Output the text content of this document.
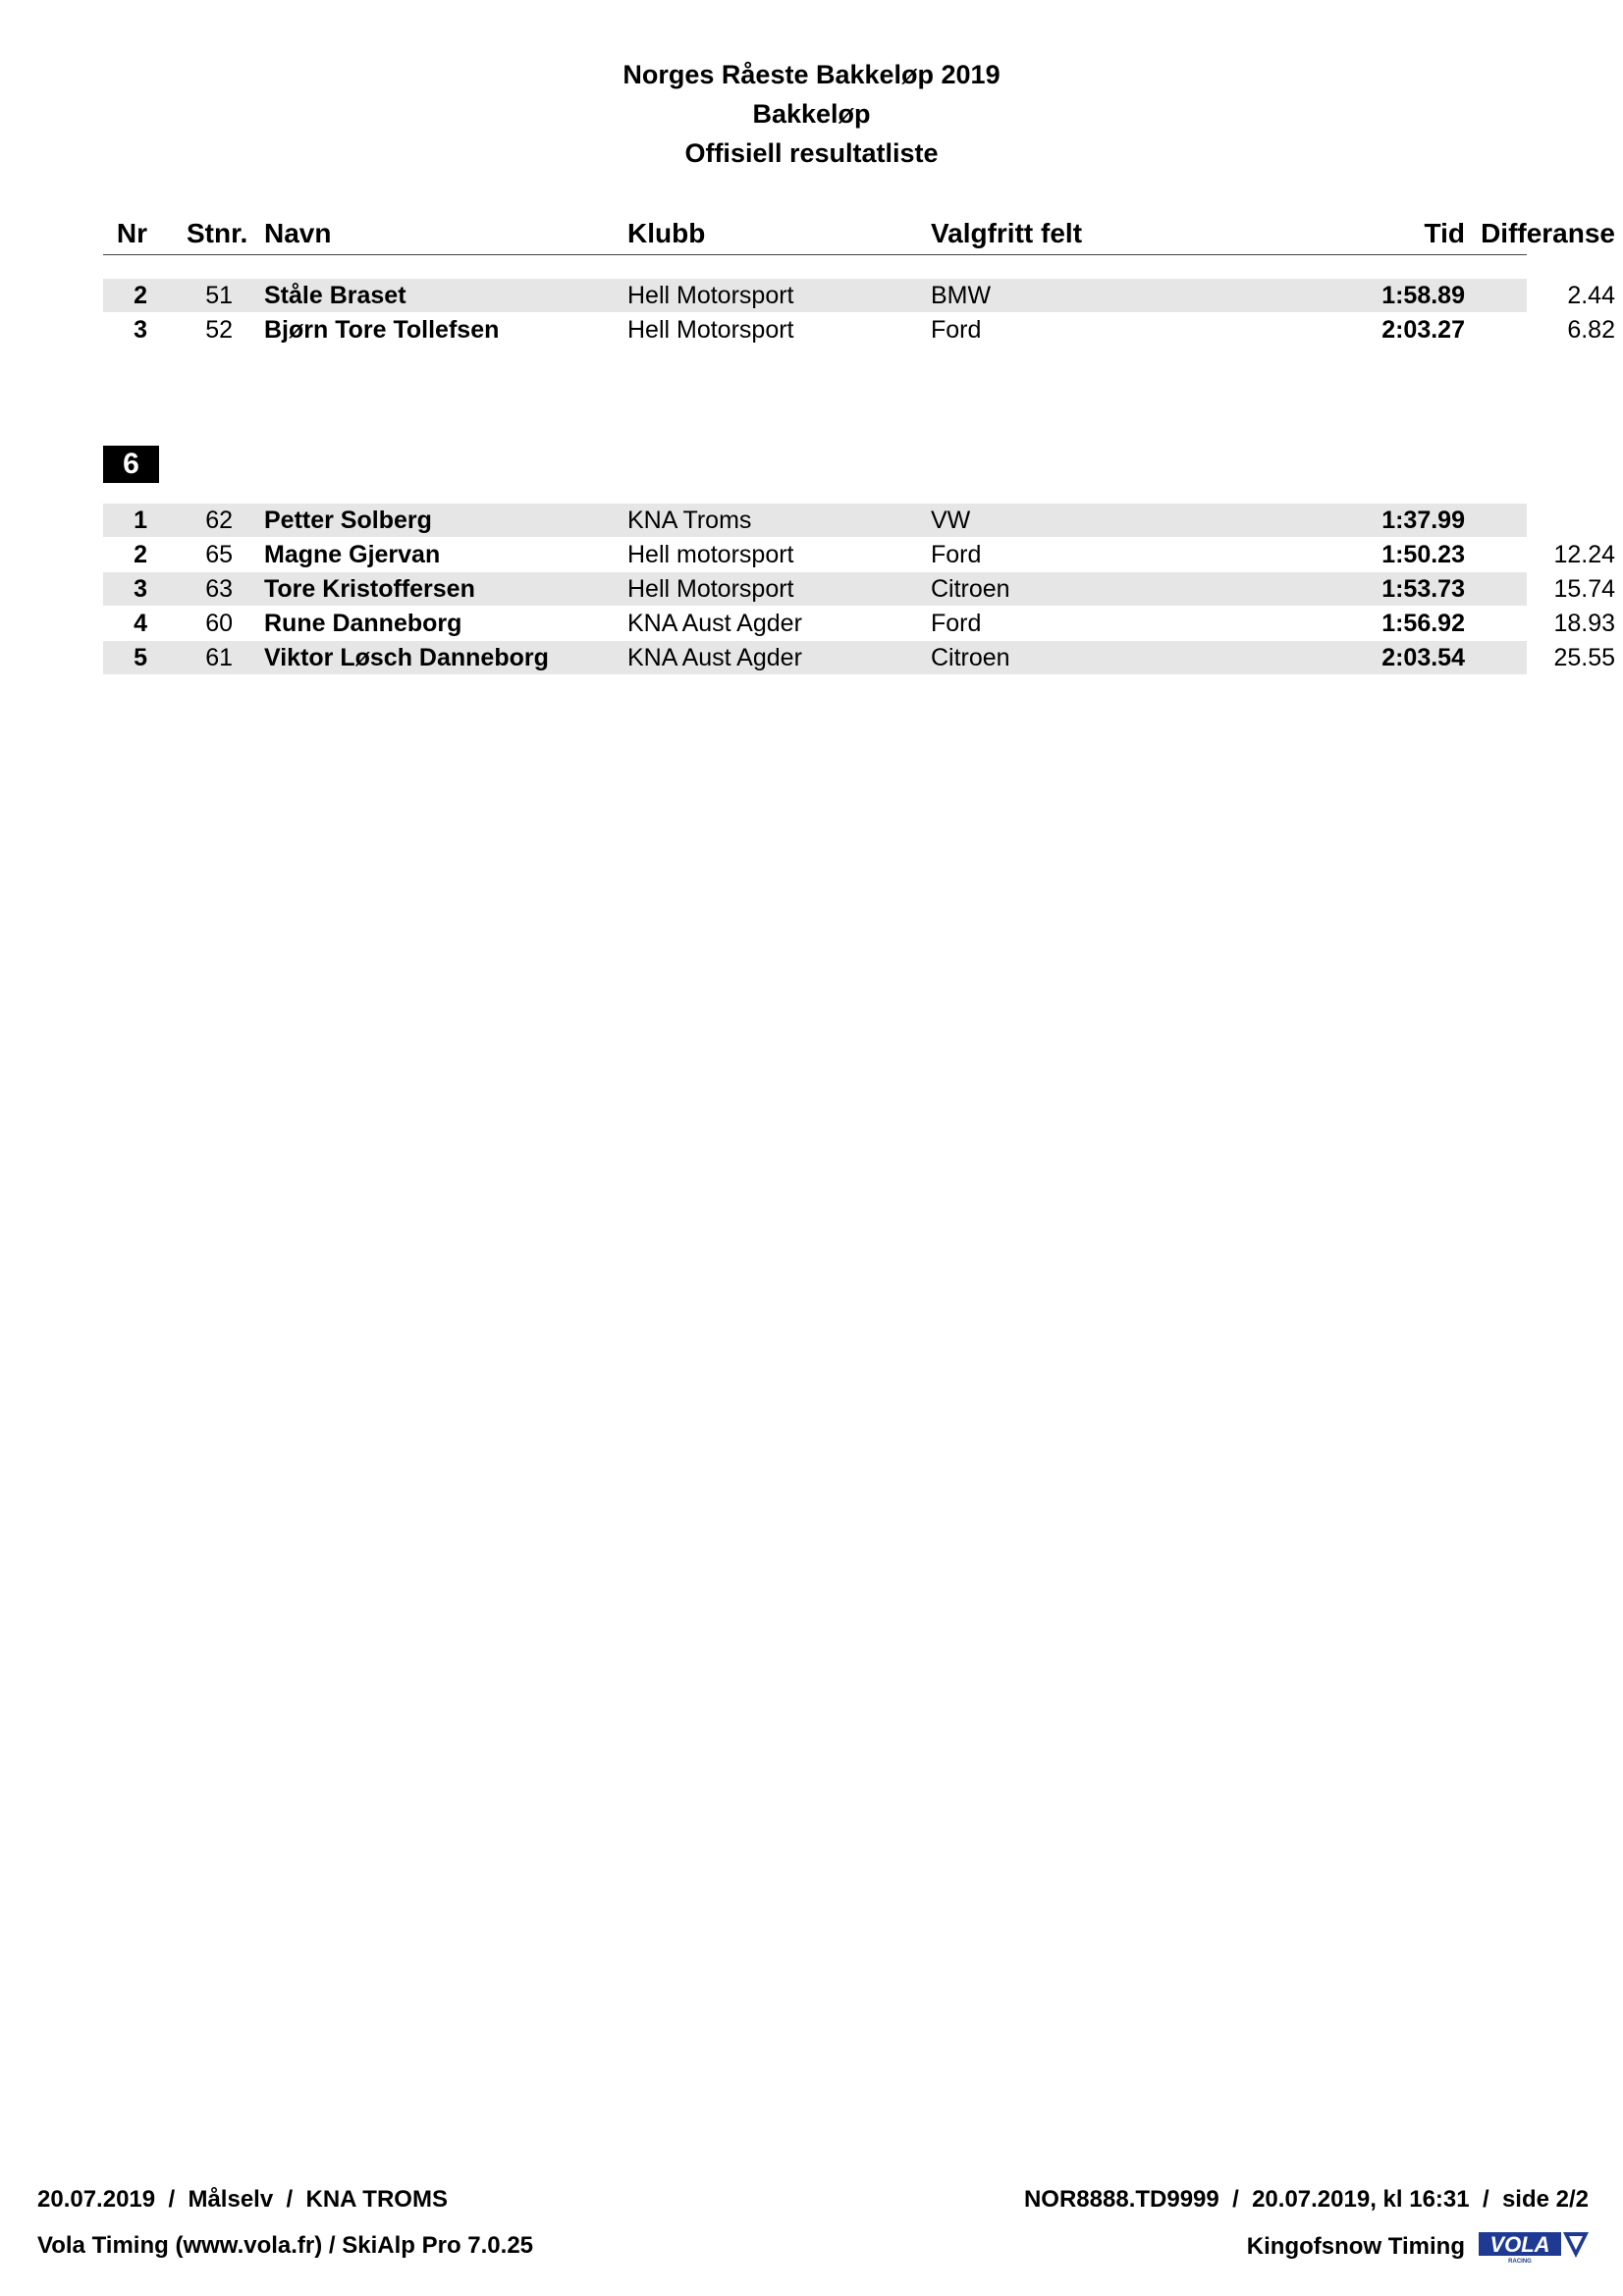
Norges Råeste Bakkeløp 2019
Bakkeløp
Offisiell resultatliste
Nr Stnr. Navn	Klubb	Valgfritt felt	Tid Differanse
2	51 Ståle Braset	Hell Motorsport	BMW	1:58.89	2.44
3	52 Bjørn Tore Tollefsen	Hell Motorsport	Ford	2:03.27	6.82
6
1	62 Petter Solberg	KNA Troms	VW	1:37.99
2	65 Magne Gjervan	Hell motorsport	Ford	1:50.23	12.24
3	63 Tore Kristoffersen	Hell Motorsport	Citroen	1:53.73	15.74
4	60 Rune Danneborg	KNA Aust Agder	Ford	1:56.92	18.93
5	61 Viktor Løsch Danneborg	KNA Aust Agder	Citroen	2:03.54	25.55
20.07.2019  /  Målselv  /  KNA TROMS	NOR8888.TD9999  /  20.07.2019, kl 16:31  /  side 2/2
Vola Timing (www.vola.fr) / SkiAlp Pro 7.0.25	Kingofsnow Timing VOLA
RACING
